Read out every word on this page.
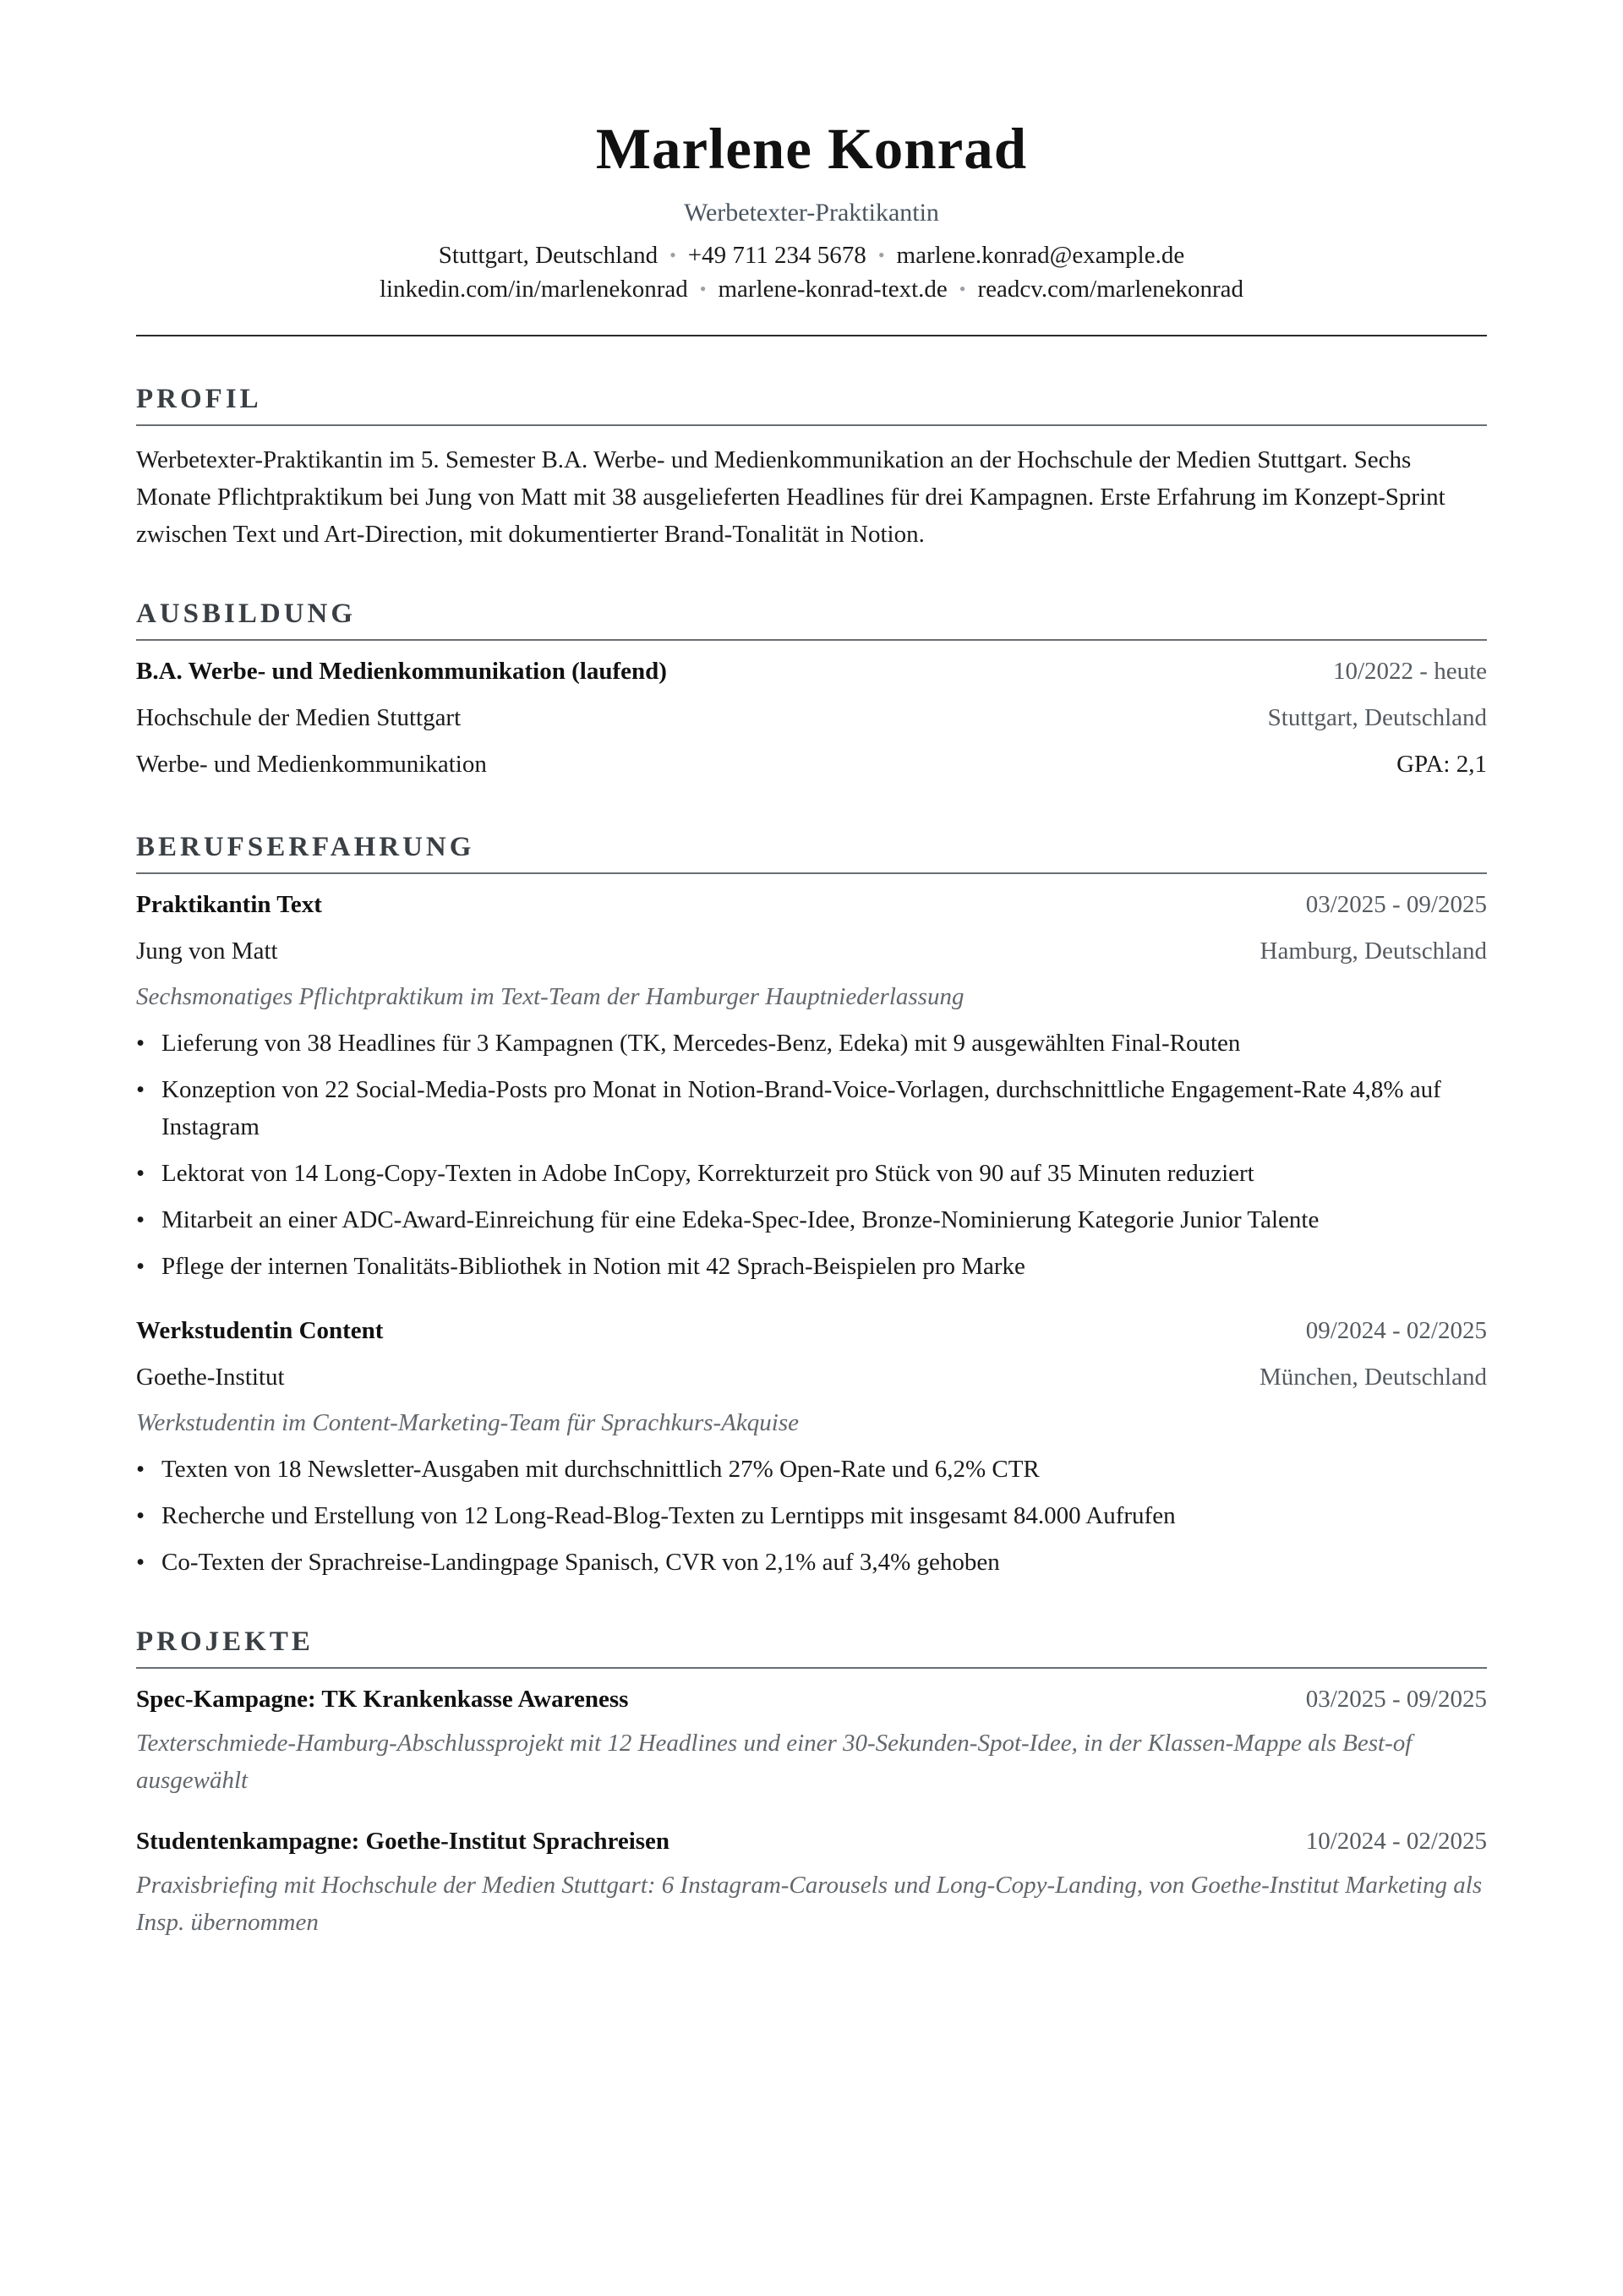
Marlene Konrad
Werbetexter-Praktikantin
Stuttgart, Deutschland • +49 711 234 5678 • marlene.konrad@example.de
linkedin.com/in/marlenekonrad • marlene-konrad-text.de • readcv.com/marlenekonrad
PROFIL
Werbetexter-Praktikantin im 5. Semester B.A. Werbe- und Medienkommunikation an der Hochschule der Medien Stuttgart. Sechs Monate Pflichtpraktikum bei Jung von Matt mit 38 ausgelieferten Headlines für drei Kampagnen. Erste Erfahrung im Konzept-Sprint zwischen Text und Art-Direction, mit dokumentierter Brand-Tonalität in Notion.
AUSBILDUNG
B.A. Werbe- und Medienkommunikation (laufend)	10/2022 - heute
Hochschule der Medien Stuttgart	Stuttgart, Deutschland
Werbe- und Medienkommunikation	GPA: 2,1
BERUFSERFAHRUNG
Praktikantin Text	03/2025 - 09/2025
Jung von Matt	Hamburg, Deutschland
Sechsmonatiges Pflichtpraktikum im Text-Team der Hamburger Hauptniederlassung
• Lieferung von 38 Headlines für 3 Kampagnen (TK, Mercedes-Benz, Edeka) mit 9 ausgewählten Final-Routen
• Konzeption von 22 Social-Media-Posts pro Monat in Notion-Brand-Voice-Vorlagen, durchschnittliche Engagement-Rate 4,8% auf Instagram
• Lektorat von 14 Long-Copy-Texten in Adobe InCopy, Korrekturzeit pro Stück von 90 auf 35 Minuten reduziert
• Mitarbeit an einer ADC-Award-Einreichung für eine Edeka-Spec-Idee, Bronze-Nominierung Kategorie Junior Talente
• Pflege der internen Tonalitäts-Bibliothek in Notion mit 42 Sprach-Beispielen pro Marke
Werkstudentin Content	09/2024 - 02/2025
Goethe-Institut	München, Deutschland
Werkstudentin im Content-Marketing-Team für Sprachkurs-Akquise
• Texten von 18 Newsletter-Ausgaben mit durchschnittlich 27% Open-Rate und 6,2% CTR
• Recherche und Erstellung von 12 Long-Read-Blog-Texten zu Lerntipps mit insgesamt 84.000 Aufrufen
• Co-Texten der Sprachreise-Landingpage Spanisch, CVR von 2,1% auf 3,4% gehoben
PROJEKTE
Spec-Kampagne: TK Krankenkasse Awareness	03/2025 - 09/2025
Texterschmiede-Hamburg-Abschlussprojekt mit 12 Headlines und einer 30-Sekunden-Spot-Idee, in der Klassen-Mappe als Best-of ausgewählt
Studentenkampagne: Goethe-Institut Sprachreisen	10/2024 - 02/2025
Praxisbriefing mit Hochschule der Medien Stuttgart: 6 Instagram-Carousels und Long-Copy-Landing, von Goethe-Institut Marketing als Insp. übernommen
